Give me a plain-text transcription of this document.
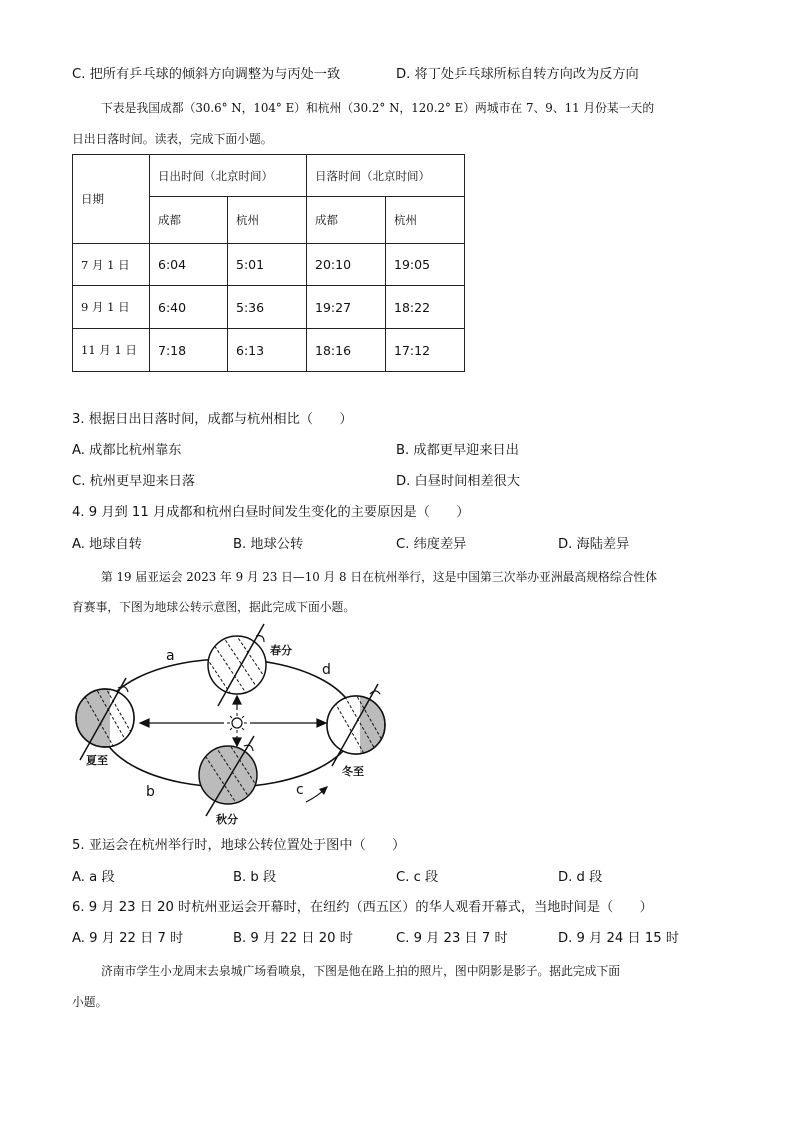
C. 把所有乒乓球的倾斜方向调整为与丙处一致	D. 将丁处乒乓球所标自转方向改为反方向
下表是我国成都（30.6° N，104° E）和杭州（30.2° N，120.2° E）两城市在 7、9、11 月份某一天的
日出日落时间。读表，完成下面小题。
日期	日出时间（北京时间）		日落时间（北京时间）	
	成都	杭州	成都	杭州
7 月 1 日	6:04	5:01	20:10	19:05
9 月 1 日	6:40	5:36	19:27	18:22
11 月 1 日	7:18	6:13	18:16	17:12
3. 根据日出日落时间，成都与杭州相比（　　）
A. 成都比杭州靠东	B. 成都更早迎来日出
C. 杭州更早迎来日落	D. 白昼时间相差很大
4. 9 月到 11 月成都和杭州白昼时间发生变化的主要原因是（　　）
A. 地球自转	B. 地球公转	C. 纬度差异	D. 海陆差异
第 19 届亚运会 2023 年 9 月 23 日—10 月 8 日在杭州举行，这是中国第三次举办亚洲最高规格综合性体
育赛事，下图为地球公转示意图，据此完成下面小题。
春分
夏至
秋分
冬至
a
b	c
d
5. 亚运会在杭州举行时，地球公转位置处于图中（　　）
A. a 段	B. b 段	C. c 段	D. d 段
6. 9 月 23 日 20 时杭州亚运会开幕时，在纽约（西五区）的华人观看开幕式，当地时间是（　　）
A. 9 月 22 日 7 时	B. 9 月 22 日 20 时	C. 9 月 23 日 7 时	D. 9 月 24 日 15 时
济南市学生小龙周末去泉城广场看喷泉，下图是他在路上拍的照片，图中阴影是影子。据此完成下面
小题。
